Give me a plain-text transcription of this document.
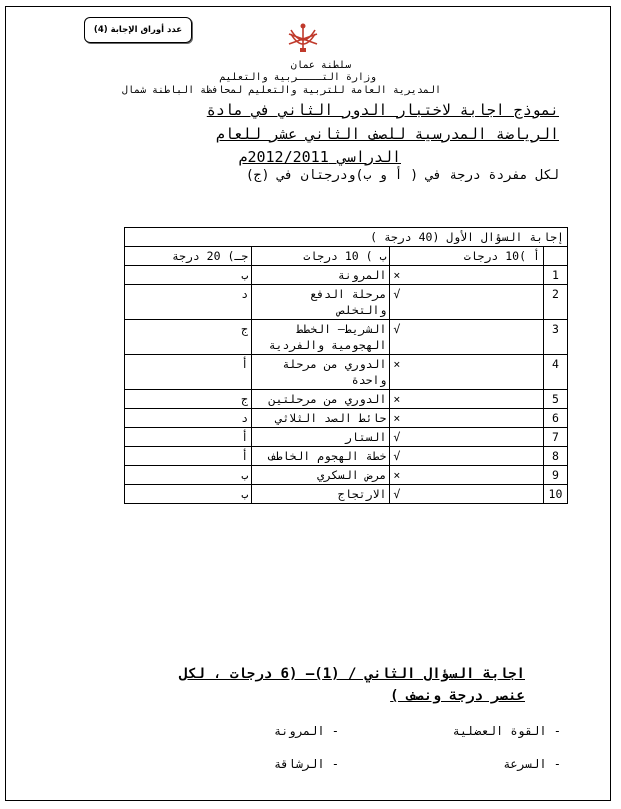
عدد أوراق الإجابة (4)
سلطنة عمان
وزارة التــــربية والتعليم
المديرية العامة للتربية والتعليم لمحافظة الباطنة شمال
نموذج اجابة لاختبار الدور الثاني في مادة
الرياضة المدرسية للصف الثاني عشر للعام
الدراسي 2012/2011م
لكل مفردة درجة في ( أ و ب)ودرجتان في (ج)
إجابة السؤال الأول (40 درجة )			
	أ )10 درجات	ب ) 10 درجات	جـ) 20 درجة
1	×	المرونة	ب
2	√	مرحلة الدفع والتخلص	د
3	√	الشريط– الخطط الهجومية والفردية	ج
4	×	الدوري من مرحلة واحدة	أ
5	×	الدوري من مرحلتين	ج
6	×	حائط الصد الثلاثي	د
7	√	الستار	أ
8	√	خطة الهجوم الخاطف	أ
9	×	مرض السكري	ب
10	√	الارتجاج	ب
اجابة السؤال الثاني / (1)– (6 درجات ، لكل
عنصر درجة ونصف )
- القوة العضلية
- المرونة
- السرعة
- الرشاقة
